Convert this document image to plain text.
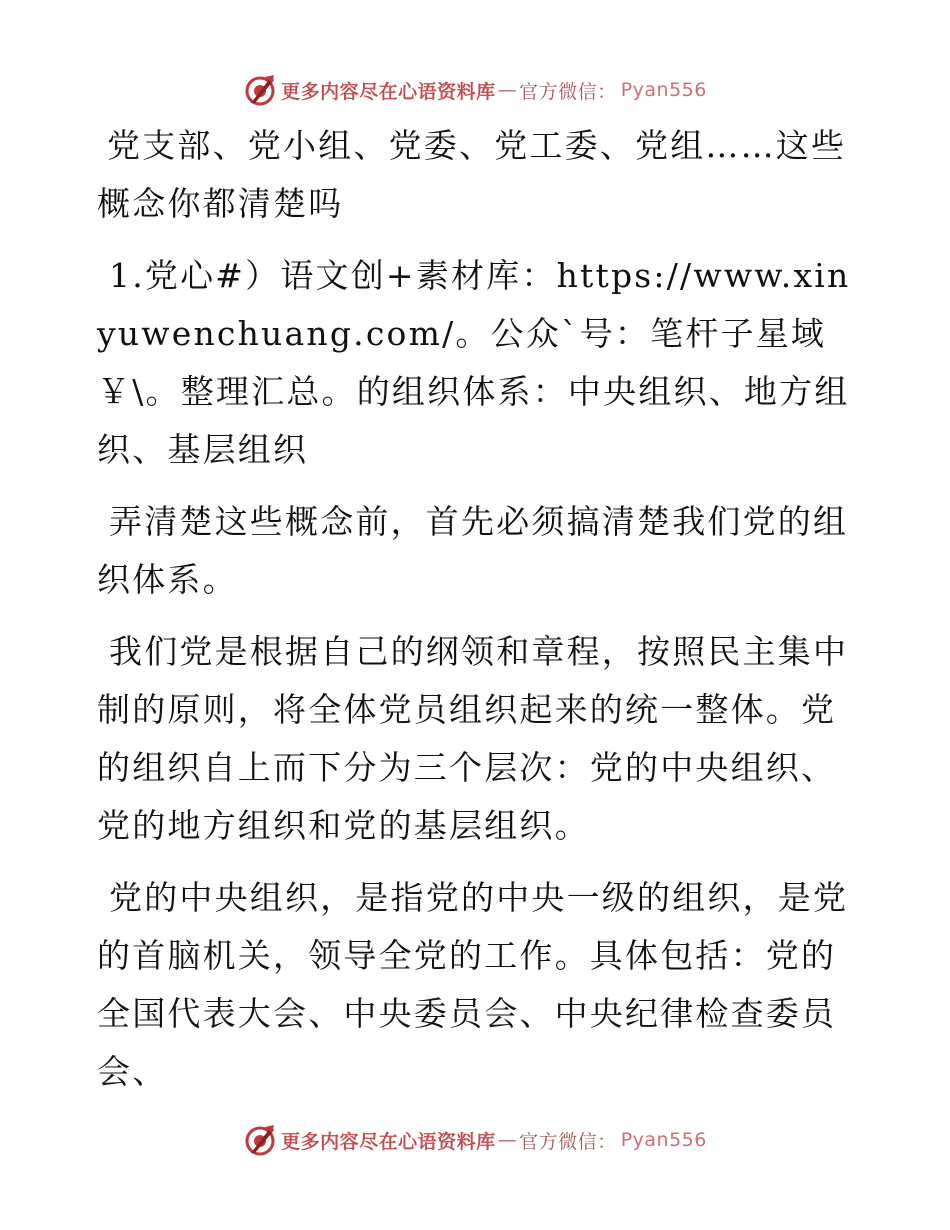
更多内容尽在心语资料库 — 官方微信： Pyan556

党支部、党小组、党委、党工委、党组……这些概念你都清楚吗

1.党心#）语文创+素材库：https://www.xinyuwenchuang.com/。公众`号：笔杆子星域￥\。整理汇总。的组织体系：中央组织、地方组织、基层组织

弄清楚这些概念前，首先必须搞清楚我们党的组织体系。

我们党是根据自己的纲领和章程，按照民主集中制的原则，将全体党员组织起来的统一整体。党的组织自上而下分为三个层次：党的中央组织、党的地方组织和党的基层组织。

党的中央组织，是指党的中央一级的组织，是党的首脑机关，领导全党的工作。具体包括：党的全国代表大会、中央委员会、中央纪律检查委员会、

更多内容尽在心语资料库 — 官方微信： Pyan556
